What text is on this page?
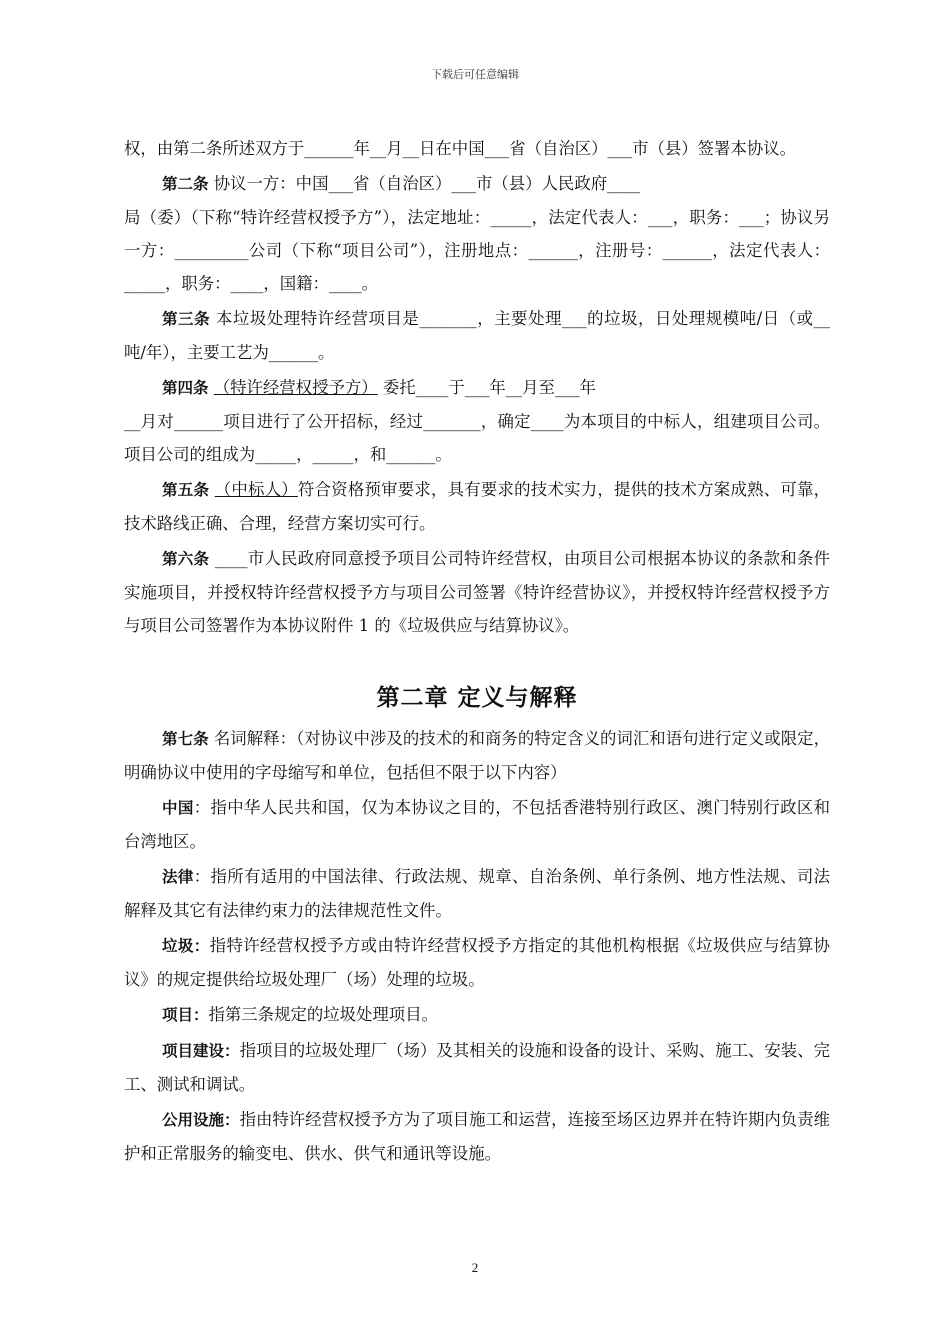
下载后可任意编辑

权，由第二条所述双方于______年__月__日在中国___省（自治区）___市（县）签署本协议。

第二条 协议一方：中国___省（自治区）___市（县）人民政府____

局（委）（下称“特许经营权授予方”），法定地址：_____，法定代表人：___，职务：___；协议另一方：_________公司（下称“项目公司”），注册地点：______，注册号：______，法定代表人：_____，职务：____，国籍：____。

第三条 本垃圾处理特许经营项目是_______，主要处理___的垃圾，日处理规模吨/日（或__吨/年），主要工艺为______。

第四条 （特许经营权授予方） 委托____于___年__月至___年

__月对______项目进行了公开招标，经过_______，确定____为本项目的中标人，组建项目公司。项目公司的组成为_____，_____，和______。

第五条 （中标人）符合资格预审要求，具有要求的技术实力，提供的技术方案成熟、可靠，技术路线正确、合理，经营方案切实可行。

第六条 ____市人民政府同意授予项目公司特许经营权，由项目公司根据本协议的条款和条件实施项目，并授权特许经营权授予方与项目公司签署《特许经营协议》，并授权特许经营权授予方与项目公司签署作为本协议附件 1 的《垃圾供应与结算协议》。

第二章 定义与解释

第七条 名词解释：（对协议中涉及的技术的和商务的特定含义的词汇和语句进行定义或限定，明确协议中使用的字母缩写和单位，包括但不限于以下内容）

中国：指中华人民共和国，仅为本协议之目的，不包括香港特别行政区、澳门特别行政区和台湾地区。

法律：指所有适用的中国法律、行政法规、规章、自治条例、单行条例、地方性法规、司法解释及其它有法律约束力的法律规范性文件。

垃圾：指特许经营权授予方或由特许经营权授予方指定的其他机构根据《垃圾供应与结算协议》的规定提供给垃圾处理厂（场）处理的垃圾。

项目：指第三条规定的垃圾处理项目。

项目建设：指项目的垃圾处理厂（场）及其相关的设施和设备的设计、采购、施工、安装、完工、测试和调试。

公用设施：指由特许经营权授予方为了项目施工和运营，连接至场区边界并在特许期内负责维护和正常服务的输变电、供水、供气和通讯等设施。

2
